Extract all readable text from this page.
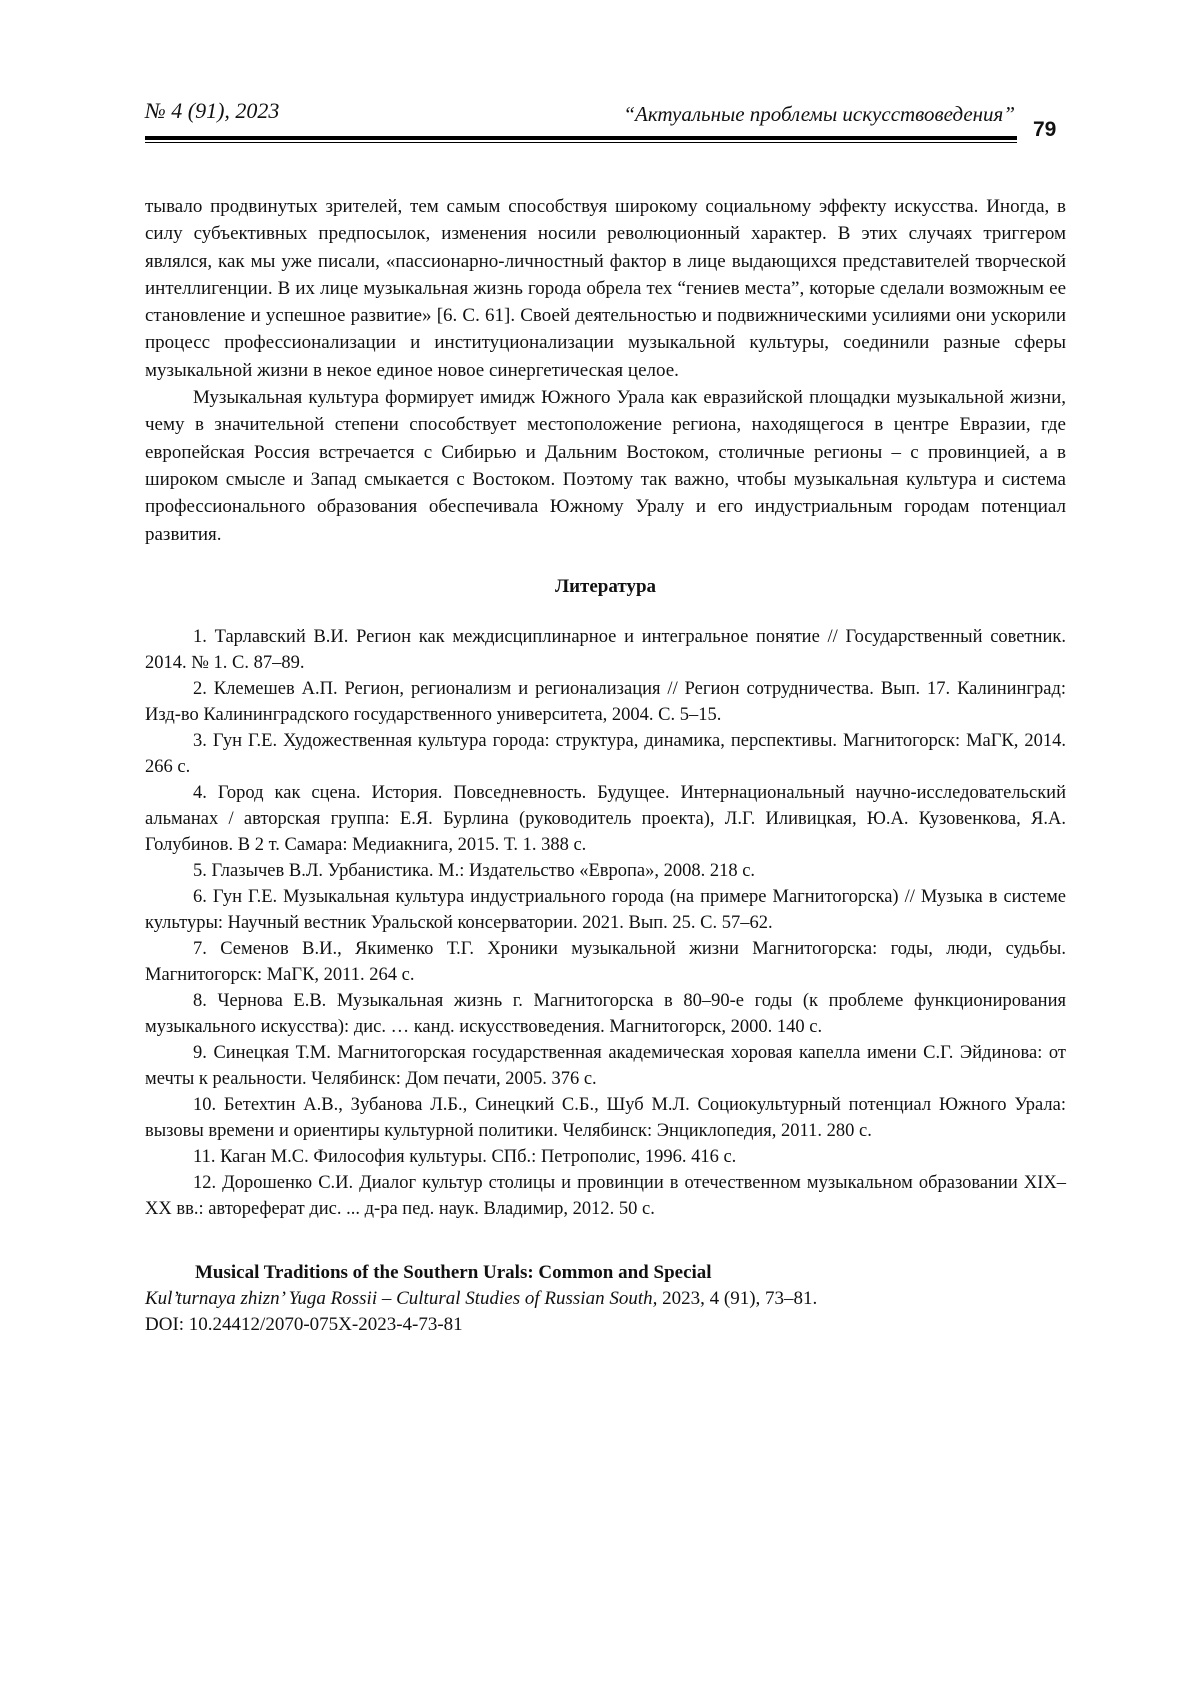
№ 4 (91), 2023	“Актуальные проблемы искусствоведения”
79

тывало продвинутых зрителей, тем самым способствуя широкому социальному эффекту искусства. Иногда, в силу субъективных предпосылок, изменения носили революционный характер. В этих случаях триггером являлся, как мы уже писали, «пассионарно-личностный фактор в лице выдающихся представителей творческой интеллигенции. В их лице музыкальная жизнь города обрела тех “гениев места”, которые сделали возможным ее становление и успешное развитие» [6. С. 61]. Своей деятельностью и подвижническими усилиями они ускорили процесс профессионализации и институционализации музыкальной культуры, соединили разные сферы музыкальной жизни в некое единое новое синергетическая целое.

Музыкальная культура формирует имидж Южного Урала как евразийской площадки музыкальной жизни, чему в значительной степени способствует местоположение региона, находящегося в центре Евразии, где европейская Россия встречается с Сибирью и Дальним Востоком, столичные регионы – с провинцией, а в широком смысле и Запад смыкается с Востоком. Поэтому так важно, чтобы музыкальная культура и система профессионального образования обеспечивала Южному Уралу и его индустриальным городам потенциал развития.

Литература

1. Тарлавский В.И. Регион как междисциплинарное и интегральное понятие // Государственный советник. 2014. № 1. С. 87–89.

2. Клемешев А.П. Регион, регионализм и регионализация // Регион сотрудничества. Вып. 17. Калининград: Изд-во Калининградского государственного университета, 2004. С. 5–15.

3. Гун Г.Е. Художественная культура города: структура, динамика, перспективы. Магнитогорск: МаГК, 2014. 266 с.

4. Город как сцена. История. Повседневность. Будущее. Интернациональный научно-исследовательский альманах / авторская группа: Е.Я. Бурлина (руководитель проекта), Л.Г. Иливицкая, Ю.А. Кузовенкова, Я.А. Голубинов. В 2 т. Самара: Медиакнига, 2015. Т. 1. 388 с.

5. Глазычев В.Л. Урбанистика. М.: Издательство «Европа», 2008. 218 с.

6. Гун Г.Е. Музыкальная культура индустриального города (на примере Магнитогорска) // Музыка в системе культуры: Научный вестник Уральской консерватории. 2021. Вып. 25. С. 57–62.

7. Семенов В.И., Якименко Т.Г. Хроники музыкальной жизни Магнитогорска: годы, люди, судьбы. Магнитогорск: МаГК, 2011. 264 с.

8. Чернова Е.В. Музыкальная жизнь г. Магнитогорска в 80–90-е годы (к проблеме функционирования музыкального искусства): дис. … канд. искусствоведения. Магнитогорск, 2000. 140 с.

9. Синецкая Т.М. Магнитогорская государственная академическая хоровая капелла имени С.Г. Эйдинова: от мечты к реальности. Челябинск: Дом печати, 2005. 376 с.

10. Бетехтин А.В., Зубанова Л.Б., Синецкий С.Б., Шуб М.Л. Социокультурный потенциал Южного Урала: вызовы времени и ориентиры культурной политики. Челябинск: Энциклопедия, 2011. 280 с.

11. Каган М.С. Философия культуры. СПб.: Петрополис, 1996. 416 с.

12. Дорошенко С.И. Диалог культур столицы и провинции в отечественном музыкальном образовании XIX–XX вв.: автореферат дис. ... д-ра пед. наук. Владимир, 2012. 50 с.

Musical Traditions of the Southern Urals: Common and Special
Kul’turnaya zhizn’ Yuga Rossii – Cultural Studies of Russian South, 2023, 4 (91), 73–81.
DOI: 10.24412/2070-075X-2023-4-73-81
